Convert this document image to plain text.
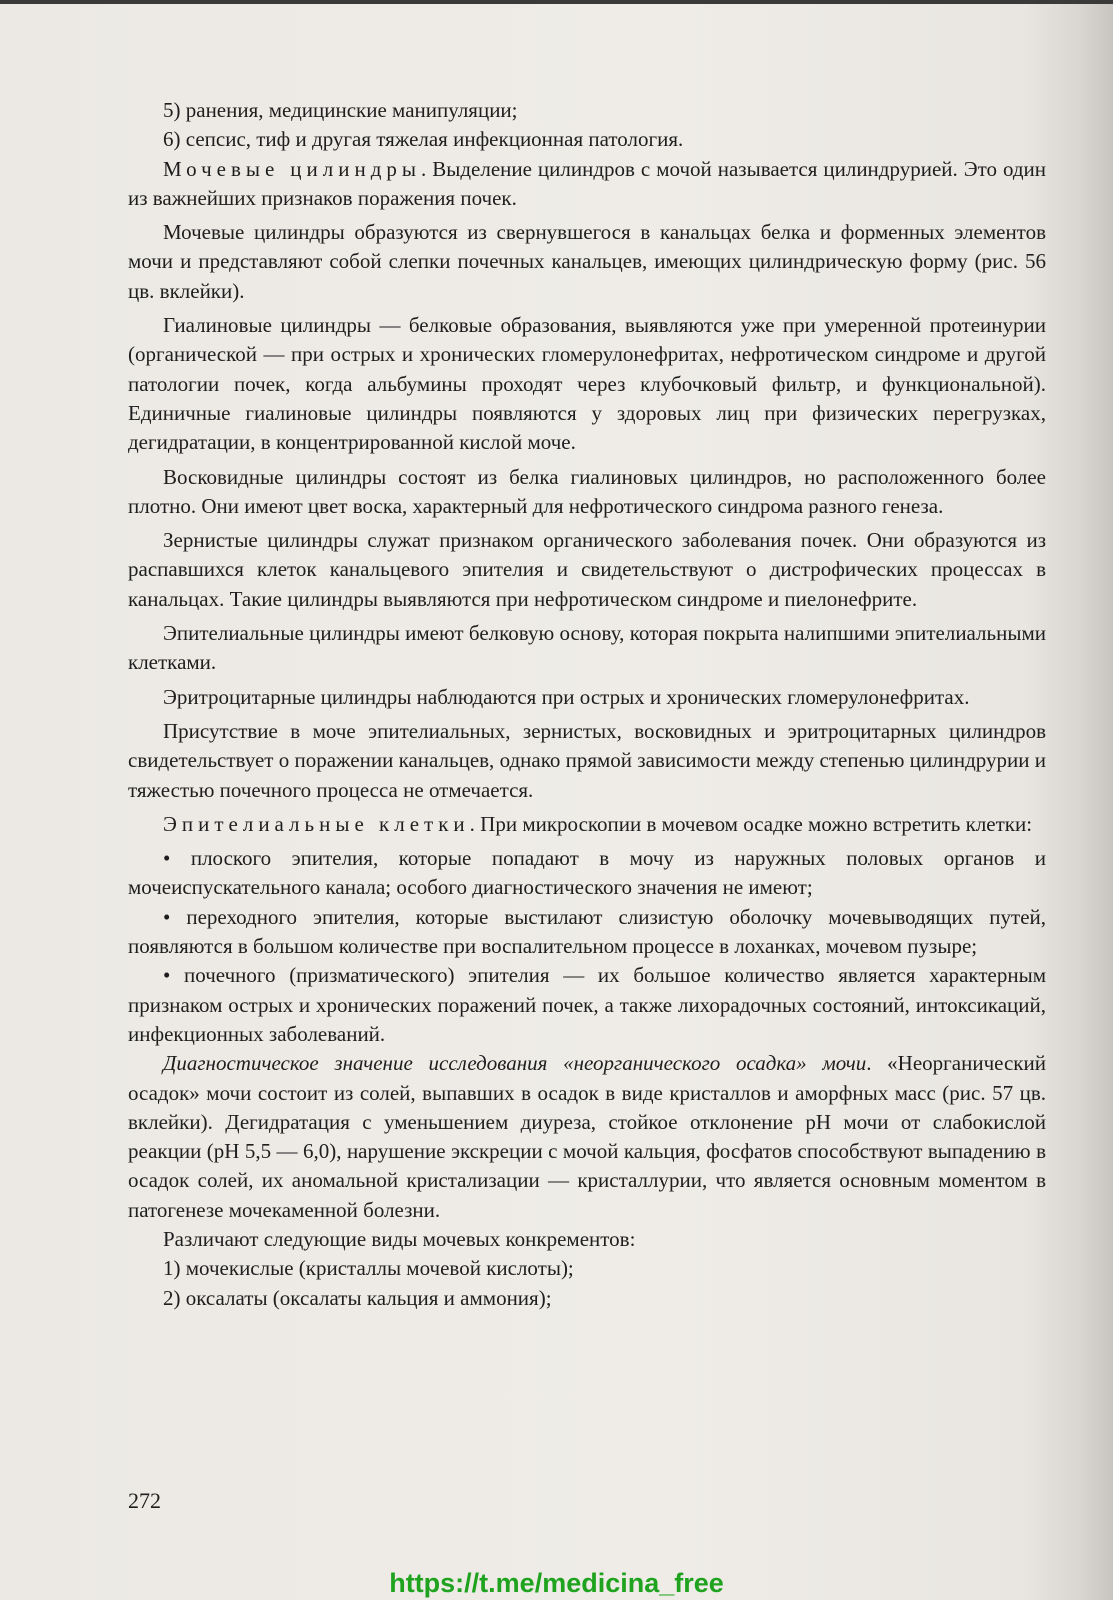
5) ранения, медицинские манипуляции;

6) сепсис, тиф и другая тяжелая инфекционная патология.

Мочевые цилиндры. Выделение цилиндров с мочой называется цилиндрурией. Это один из важнейших признаков поражения почек.

Мочевые цилиндры образуются из свернувшегося в канальцах белка и форменных элементов мочи и представляют собой слепки почечных канальцев, имеющих цилиндрическую форму (рис. 56 цв. вклейки).

Гиалиновые цилиндры — белковые образования, выявляются уже при умеренной протеинурии (органической — при острых и хронических гломерулонефритах, нефротическом синдроме и другой патологии почек, когда альбумины проходят через клубочковый фильтр, и функциональной). Единичные гиалиновые цилиндры появляются у здоровых лиц при физических перегрузках, дегидратации, в концентрированной кислой моче.

Восковидные цилиндры состоят из белка гиалиновых цилиндров, но расположенного более плотно. Они имеют цвет воска, характерный для нефротического синдрома разного генеза.

Зернистые цилиндры служат признаком органического заболевания почек. Они образуются из распавшихся клеток канальцевого эпителия и свидетельствуют о дистрофических процессах в канальцах. Такие цилиндры выявляются при нефротическом синдроме и пиелонефрите.

Эпителиальные цилиндры имеют белковую основу, которая покрыта налипшими эпителиальными клетками.

Эритроцитарные цилиндры наблюдаются при острых и хронических гломерулонефритах.

Присутствие в моче эпителиальных, зернистых, восковидных и эритроцитарных цилиндров свидетельствует о поражении канальцев, однако прямой зависимости между степенью цилиндрурии и тяжестью почечного процесса не отмечается.

Эпителиальные клетки. При микроскопии в мочевом осадке можно встретить клетки:

• плоского эпителия, которые попадают в мочу из наружных половых органов и мочеиспускательного канала; особого диагностического значения не имеют;

• переходного эпителия, которые выстилают слизистую оболочку мочевыводящих путей, появляются в большом количестве при воспалительном процессе в лоханках, мочевом пузыре;

• почечного (призматического) эпителия — их большое количество является характерным признаком острых и хронических поражений почек, а также лихорадочных состояний, интоксикаций, инфекционных заболеваний.

Диагностическое значение исследования «неорганического осадка» мочи. «Неорганический осадок» мочи состоит из солей, выпавших в осадок в виде кристаллов и аморфных масс (рис. 57 цв. вклейки). Дегидратация с уменьшением диуреза, стойкое отклонение рН мочи от слабокислой реакции (рН 5,5 — 6,0), нарушение экскреции с мочой кальция, фосфатов способствуют выпадению в осадок солей, их аномальной кристализации — кристаллурии, что является основным моментом в патогенезе мочекаменной болезни.

Различают следующие виды мочевых конкрементов:

1) мочекислые (кристаллы мочевой кислоты);

2) оксалаты (оксалаты кальция и аммония);

272
https://t.me/medicina_free
